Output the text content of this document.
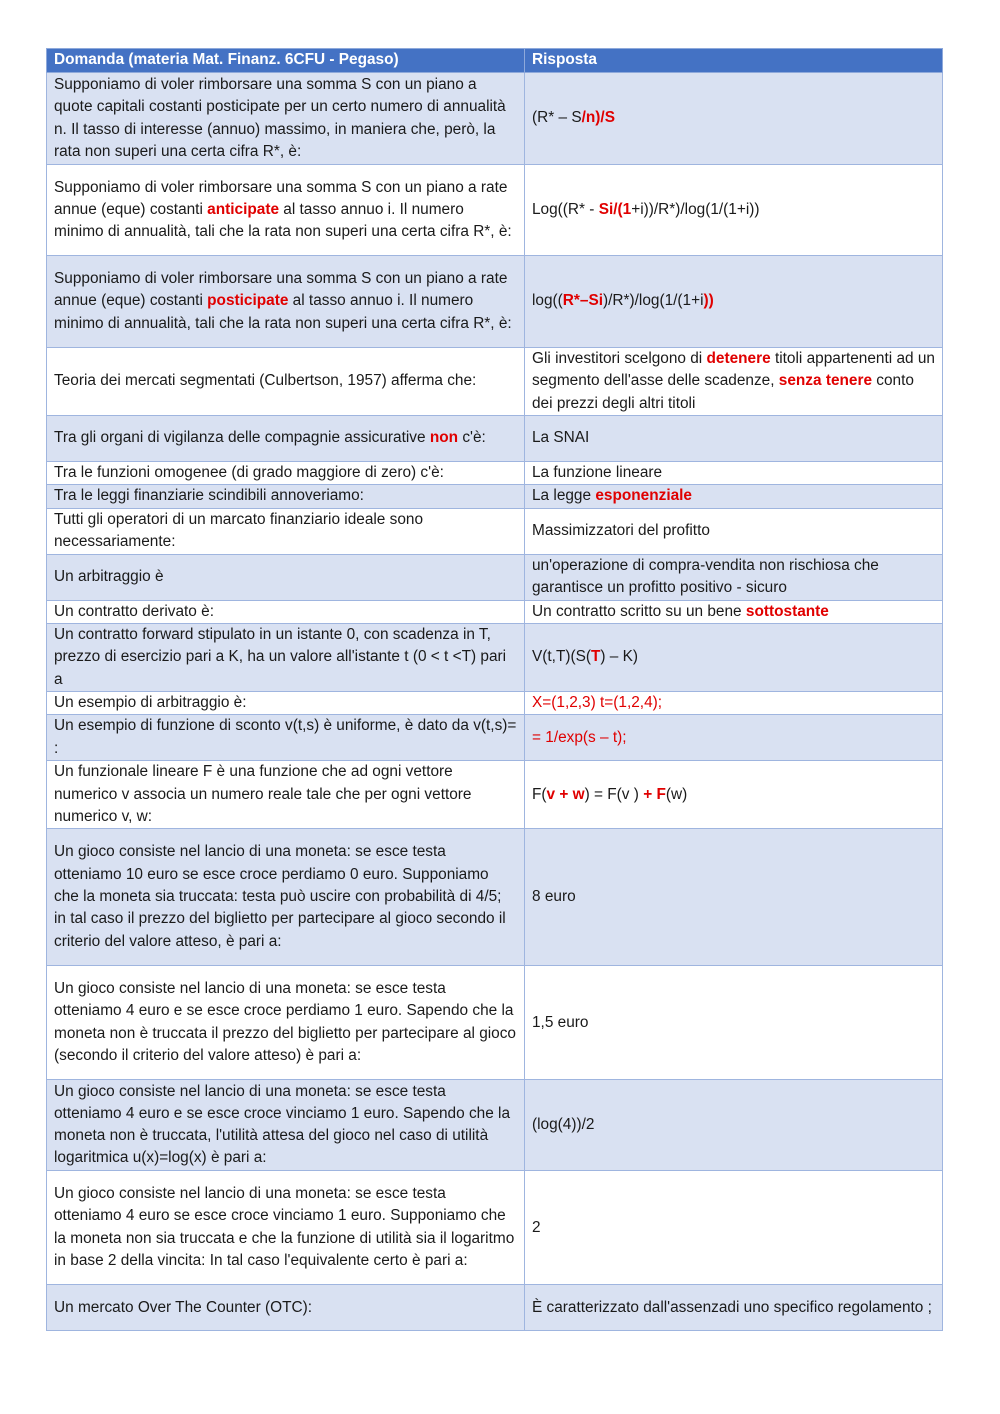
Domanda (materia Mat. Finanz. 6CFU - Pegaso)	Risposta
Supponiamo di voler rimborsare una somma S con un piano a quote capitali costanti posticipate per un certo numero di annualità n. Il tasso di interesse (annuo) massimo, in maniera che, però, la rata non superi una certa cifra R*, è:	(R* – S/n)/S
Supponiamo di voler rimborsare una somma S con un piano a rate annue (eque) costanti anticipate al tasso annuo i. Il numero minimo di annualità, tali che la rata non superi una certa cifra R*, è:	Log((R* - Si/(1+i))/R*)/log(1/(1+i))
Supponiamo di voler rimborsare una somma S con un piano a rate annue (eque) costanti posticipate al tasso annuo i. Il numero minimo di annualità, tali che la rata non superi una certa cifra R*, è:	log((R*–Si)/R*)/log(1/(1+i))
Teoria dei mercati segmentati (Culbertson, 1957) afferma che:	Gli investitori scelgono di detenere titoli appartenenti ad un segmento dell'asse delle scadenze, senza tenere conto dei prezzi degli altri titoli
Tra gli organi di vigilanza delle compagnie assicurative non c'è:	La SNAI
Tra le funzioni omogenee (di grado maggiore di zero) c'è:	La funzione lineare
Tra le leggi finanziarie scindibili annoveriamo:	La legge esponenziale
Tutti gli operatori di un marcato finanziario ideale sono necessariamente:	Massimizzatori del profitto
Un arbitraggio è	un'operazione di compra-vendita non rischiosa che garantisce un profitto positivo - sicuro
Un contratto derivato è:	Un contratto scritto su un bene sottostante
Un contratto forward stipulato in un istante 0, con scadenza in T, prezzo di esercizio pari a K, ha un valore all'istante t (0 < t <T) pari a	V(t,T)(S(T) – K)
Un esempio di arbitraggio è:	X=(1,2,3) t=(1,2,4);
Un esempio di funzione di sconto v(t,s) è uniforme, è dato da v(t,s)= :	= 1/exp(s – t);
Un funzionale lineare F è una funzione che ad ogni vettore numerico v associa un numero reale tale che per ogni vettore numerico v, w:	F(v + w) = F(v ) + F(w)
Un gioco consiste nel lancio di una moneta: se esce testa otteniamo 10 euro se esce croce perdiamo 0 euro. Supponiamo che la moneta sia truccata: testa può uscire con probabilità di 4/5; in tal caso il prezzo del biglietto per partecipare al gioco secondo il criterio del valore atteso, è pari a:	8 euro
Un gioco consiste nel lancio di una moneta: se esce testa otteniamo 4 euro e se esce croce perdiamo 1 euro. Sapendo che la moneta non è truccata il prezzo del biglietto per partecipare al gioco (secondo il criterio del valore atteso) è pari a:	1,5 euro
Un gioco consiste nel lancio di una moneta: se esce testa otteniamo 4 euro e se esce croce vinciamo 1 euro. Sapendo che la moneta non è truccata, l'utilità attesa del gioco nel caso di utilità logaritmica u(x)=log(x) è pari a:	(log(4))/2
Un gioco consiste nel lancio di una moneta: se esce testa otteniamo 4 euro se esce croce vinciamo 1 euro. Supponiamo che la moneta non sia truccata e che la funzione di utilità sia il logaritmo in base 2 della vincita: In tal caso l'equivalente certo è pari a:	2
Un mercato Over The Counter (OTC):	È caratterizzato dall'assenzadi uno specifico regolamento ;
